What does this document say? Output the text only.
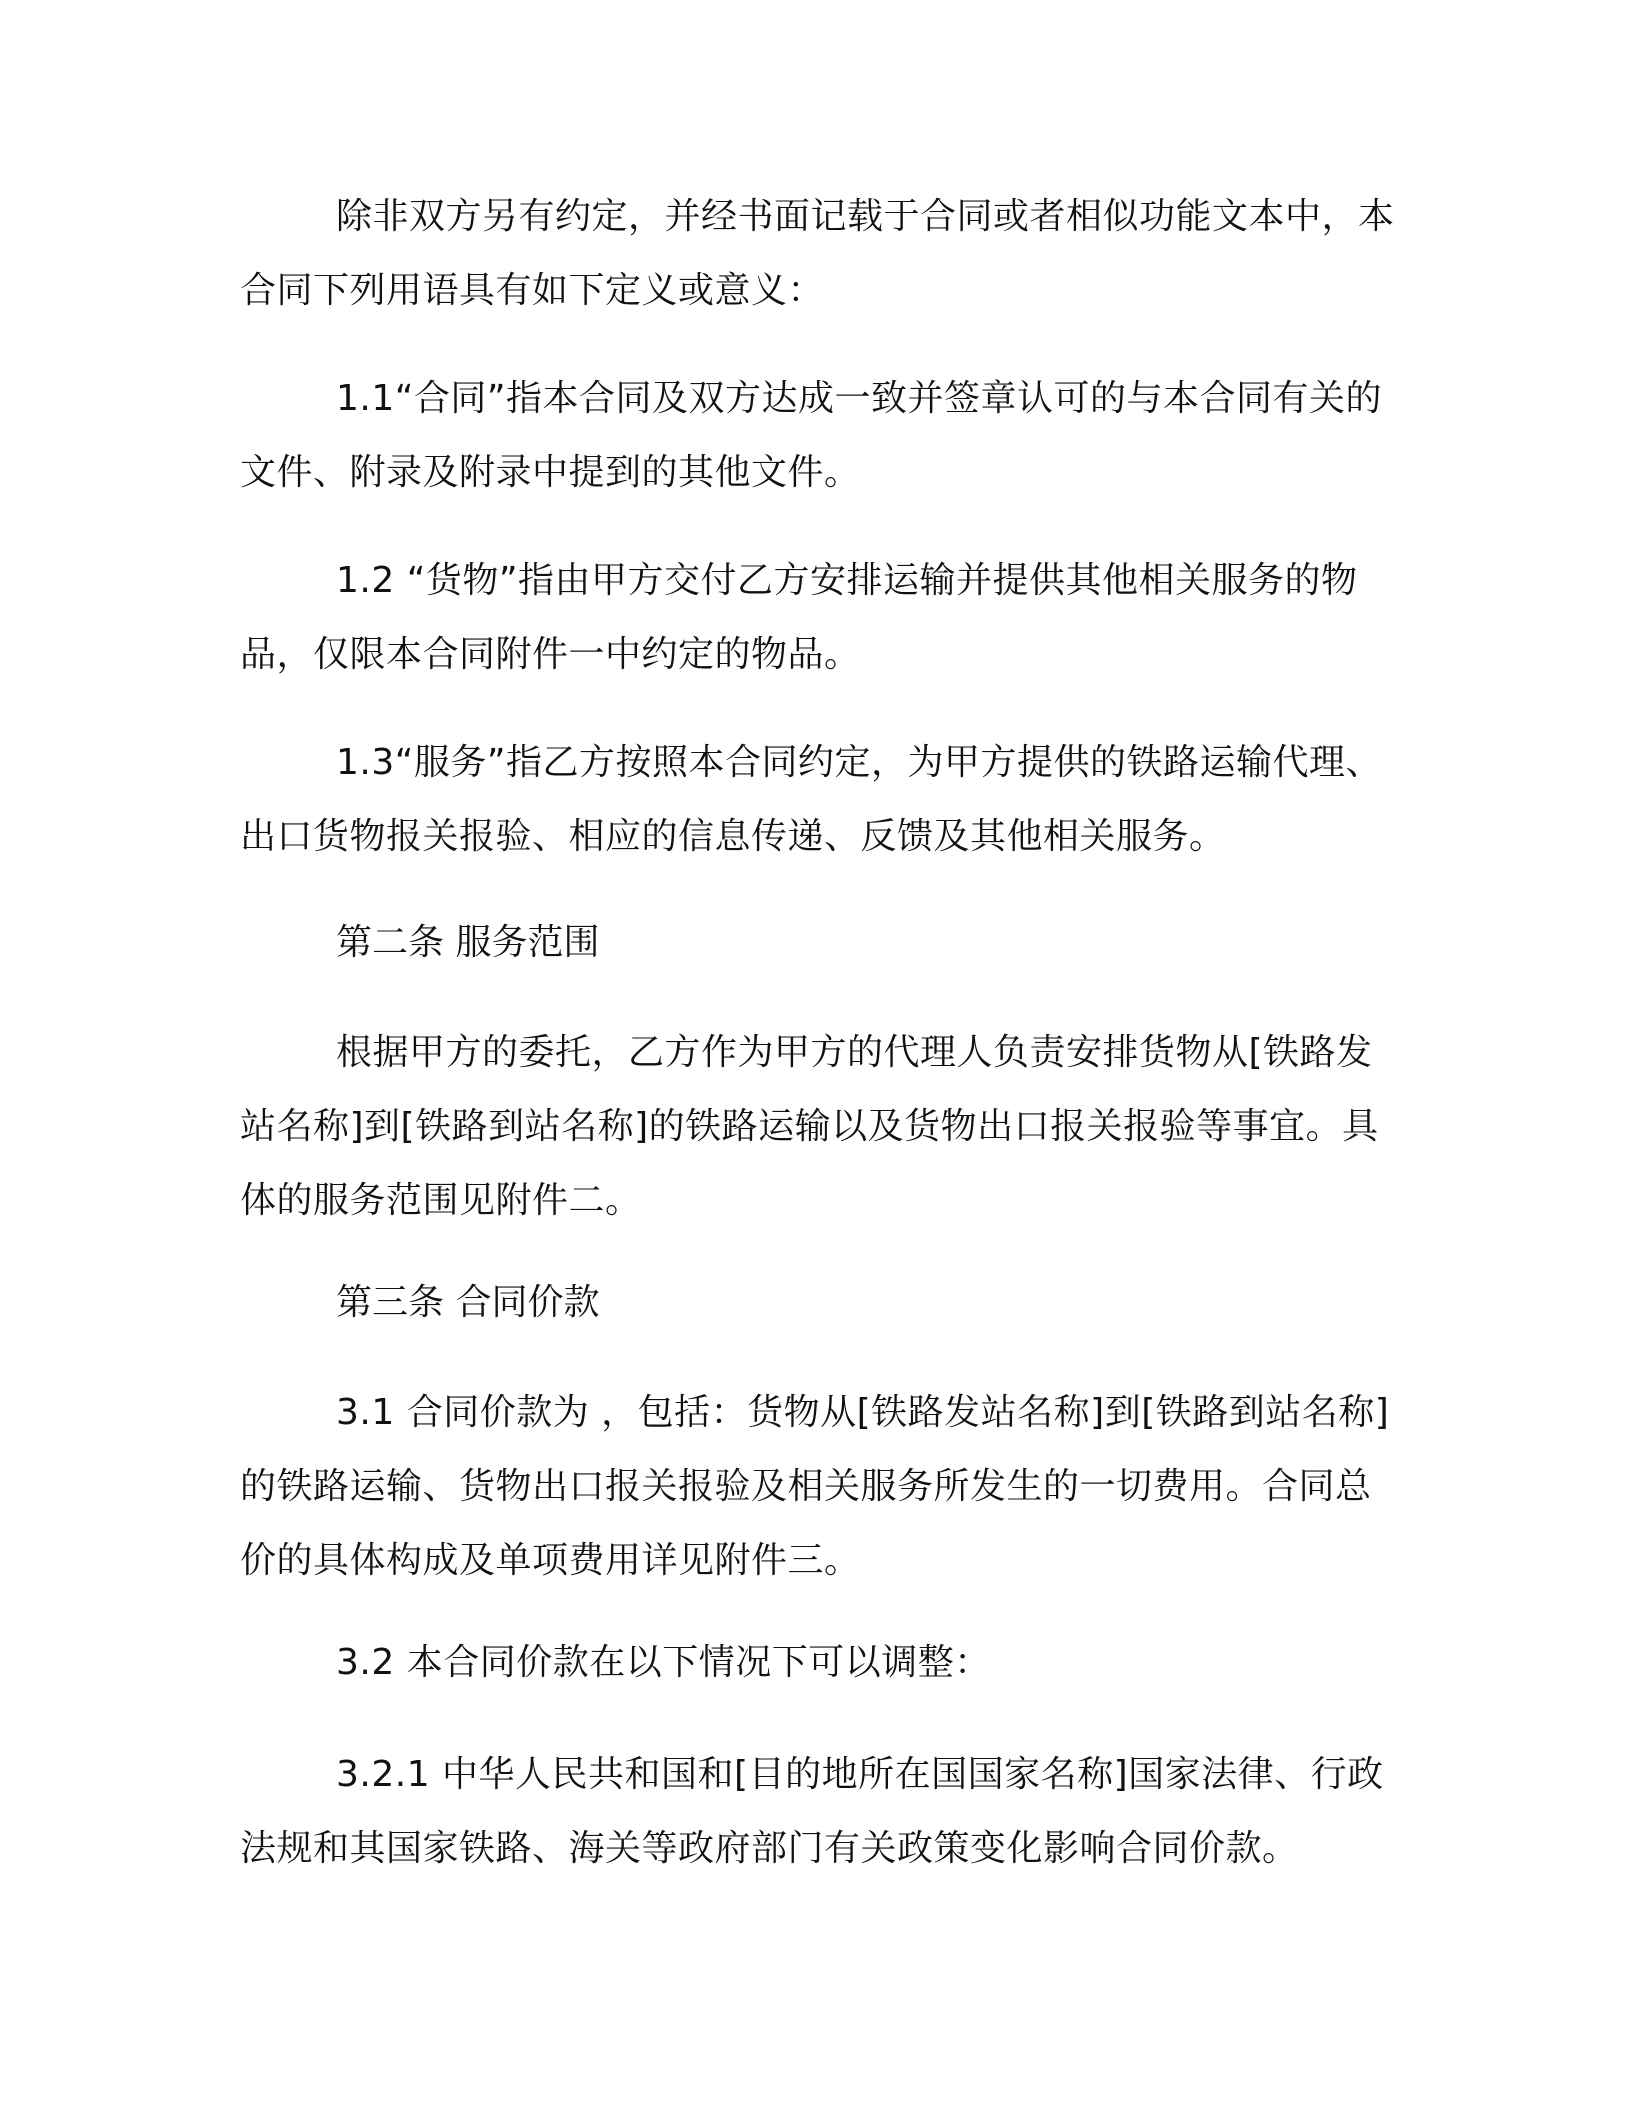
除非双方另有约定，并经书面记载于合同或者相似功能文本中，本合同下列用语具有如下定义或意义：

1.1“合同”指本合同及双方达成一致并签章认可的与本合同有关的文件、附录及附录中提到的其他文件。

1.2 “货物”指由甲方交付乙方安排运输并提供其他相关服务的物品，仅限本合同附件一中约定的物品。

1.3“服务”指乙方按照本合同约定，为甲方提供的铁路运输代理、出口货物报关报验、相应的信息传递、反馈及其他相关服务。

第二条 服务范围

根据甲方的委托，乙方作为甲方的代理人负责安排货物从[铁路发站名称]到[铁路到站名称]的铁路运输以及货物出口报关报验等事宜。具体的服务范围见附件二。

第三条 合同价款

3.1 合同价款为 ，包括：货物从[铁路发站名称]到[铁路到站名称]的铁路运输、货物出口报关报验及相关服务所发生的一切费用。合同总价的具体构成及单项费用详见附件三。

3.2 本合同价款在以下情况下可以调整：

3.2.1 中华人民共和国和[目的地所在国国家名称]国家法律、行政法规和其国家铁路、海关等政府部门有关政策变化影响合同价款。
